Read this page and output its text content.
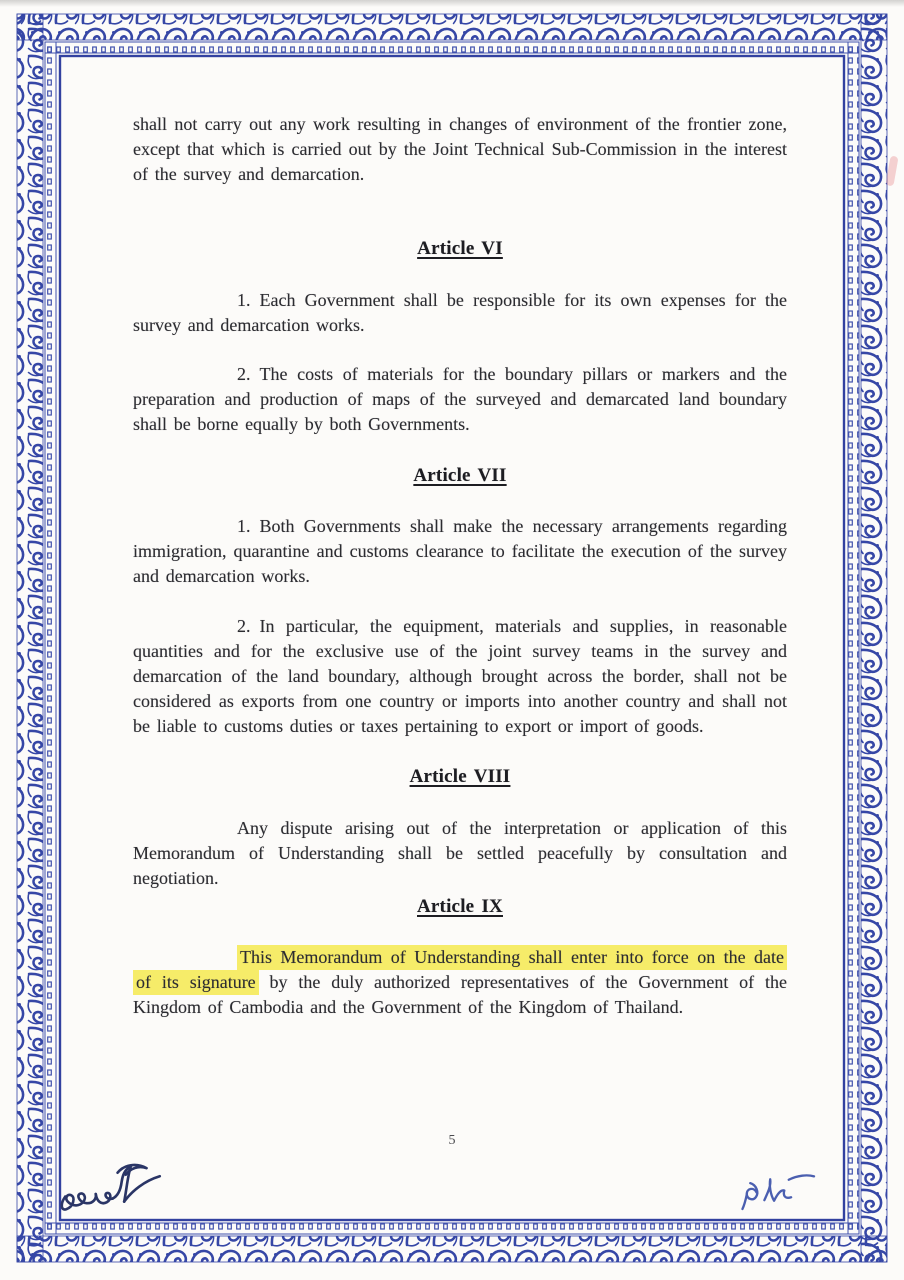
shall not carry out any work resulting in changes of environment of the frontier zone, except that which is carried out by the Joint Technical Sub-Commission in the interest of the survey and demarcation.

Article VI

1. Each Government shall be responsible for its own expenses for the survey and demarcation works.

2. The costs of materials for the boundary pillars or markers and the preparation and production of maps of the surveyed and demarcated land boundary shall be borne equally by both Governments.

Article VII

1. Both Governments shall make the necessary arrangements regarding immigration, quarantine and customs clearance to facilitate the execution of the survey and demarcation works.

2. In particular, the equipment, materials and supplies, in reasonable quantities and for the exclusive use of the joint survey teams in the survey and demarcation of the land boundary, although brought across the border, shall not be considered as exports from one country or imports into another country and shall not be liable to customs duties or taxes pertaining to export or import of goods.

Article VIII

Any dispute arising out of the interpretation or application of this Memorandum of Understanding shall be settled peacefully by consultation and negotiation.

Article IX

This Memorandum of Understanding shall enter into force on the date of its signature by the duly authorized representatives of the Government of the Kingdom of Cambodia and the Government of the Kingdom of Thailand.

5
